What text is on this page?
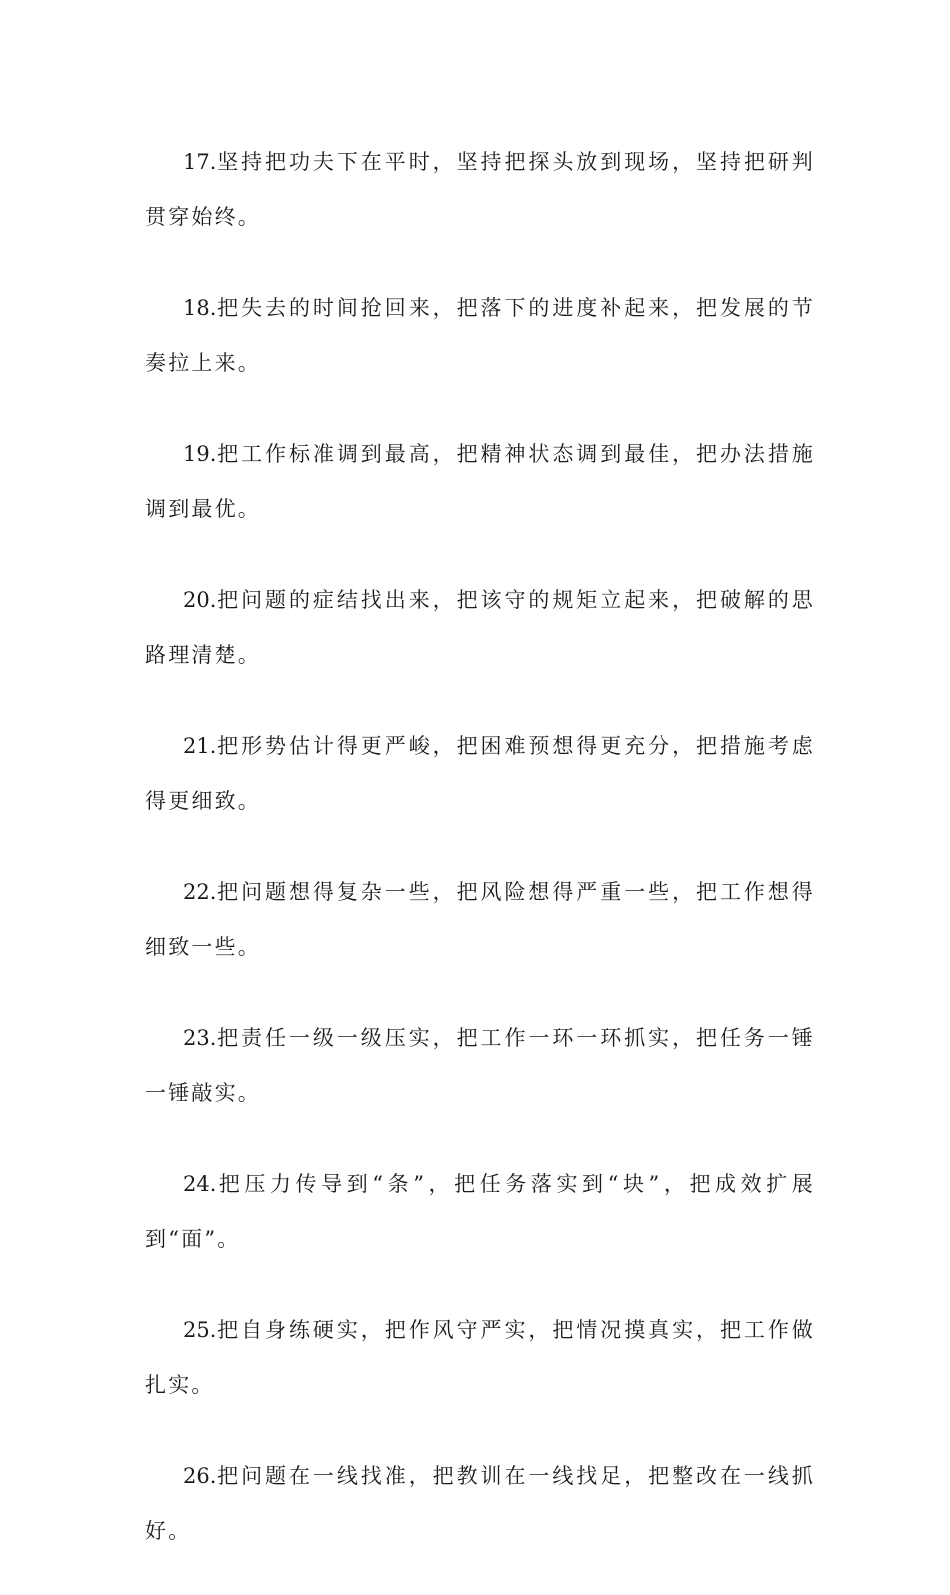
17.坚持把功夫下在平时，坚持把探头放到现场，坚持把研判贯穿始终。

18.把失去的时间抢回来，把落下的进度补起来，把发展的节奏拉上来。

19.把工作标准调到最高，把精神状态调到最佳，把办法措施调到最优。

20.把问题的症结找出来，把该守的规矩立起来，把破解的思路理清楚。

21.把形势估计得更严峻，把困难预想得更充分，把措施考虑得更细致。

22.把问题想得复杂一些，把风险想得严重一些，把工作想得细致一些。

23.把责任一级一级压实，把工作一环一环抓实，把任务一锤一锤敲实。

24.把压力传导到“条”，把任务落实到“块”，把成效扩展到“面”。

25.把自身练硬实，把作风守严实，把情况摸真实，把工作做扎实。

26.把问题在一线找准，把教训在一线找足，把整改在一线抓好。
